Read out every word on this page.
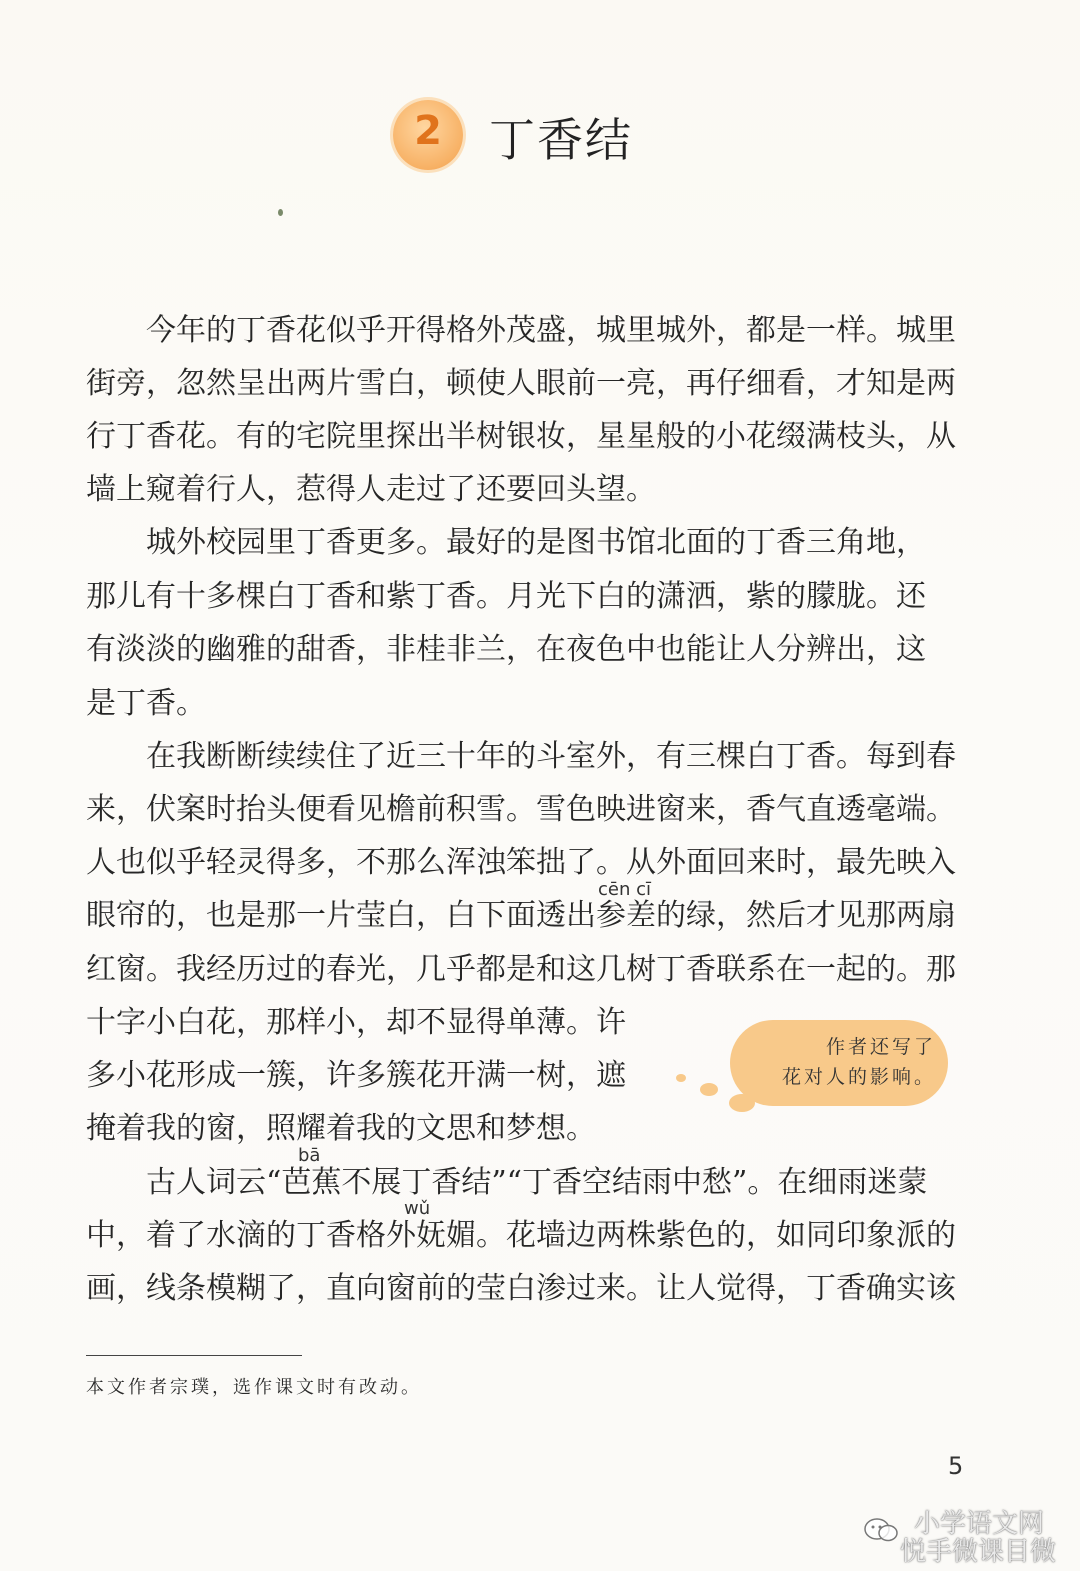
2	丁香结
今年的丁香花似乎开得格外茂盛，城里城外，都是一样。城里
街旁，忽然呈出两片雪白，顿使人眼前一亮，再仔细看，才知是两
行丁香花。有的宅院里探出半树银妆，星星般的小花缀满枝头，从
墙上窥着行人，惹得人走过了还要回头望。
城外校园里丁香更多。最好的是图书馆北面的丁香三角地，
那儿有十多棵白丁香和紫丁香。月光下白的潇洒，紫的朦胧。还
有淡淡的幽雅的甜香，非桂非兰，在夜色中也能让人分辨出，这
是丁香。
在我断断续续住了近三十年的斗室外，有三棵白丁香。每到春
来，伏案时抬头便看见檐前积雪。雪色映进窗来，香气直透毫端。
人也似乎轻灵得多，不那么浑浊笨拙了。从外面回来时，最先映入
cēn cī
眼帘的，也是那一片莹白，白下面透出参差的绿，然后才见那两扇
红窗。我经历过的春光，几乎都是和这几树丁香联系在一起的。那
十字小白花，那样小，却不显得单薄。许
多小花形成一簇，许多簇花开满一树，遮
掩着我的窗，照耀着我的文思和梦想。
bā
古人词云“芭蕉不展丁香结”“丁香空结雨中愁”。在细雨迷蒙
wǔ
中，着了水滴的丁香格外妩媚。花墙边两株紫色的，如同印象派的
画，线条模糊了，直向窗前的莹白渗过来。让人觉得，丁香确实该
作者还写了
花对人的影响。
本文作者宗璞，选作课文时有改动。
5
小学语文网
悦手微课目微
